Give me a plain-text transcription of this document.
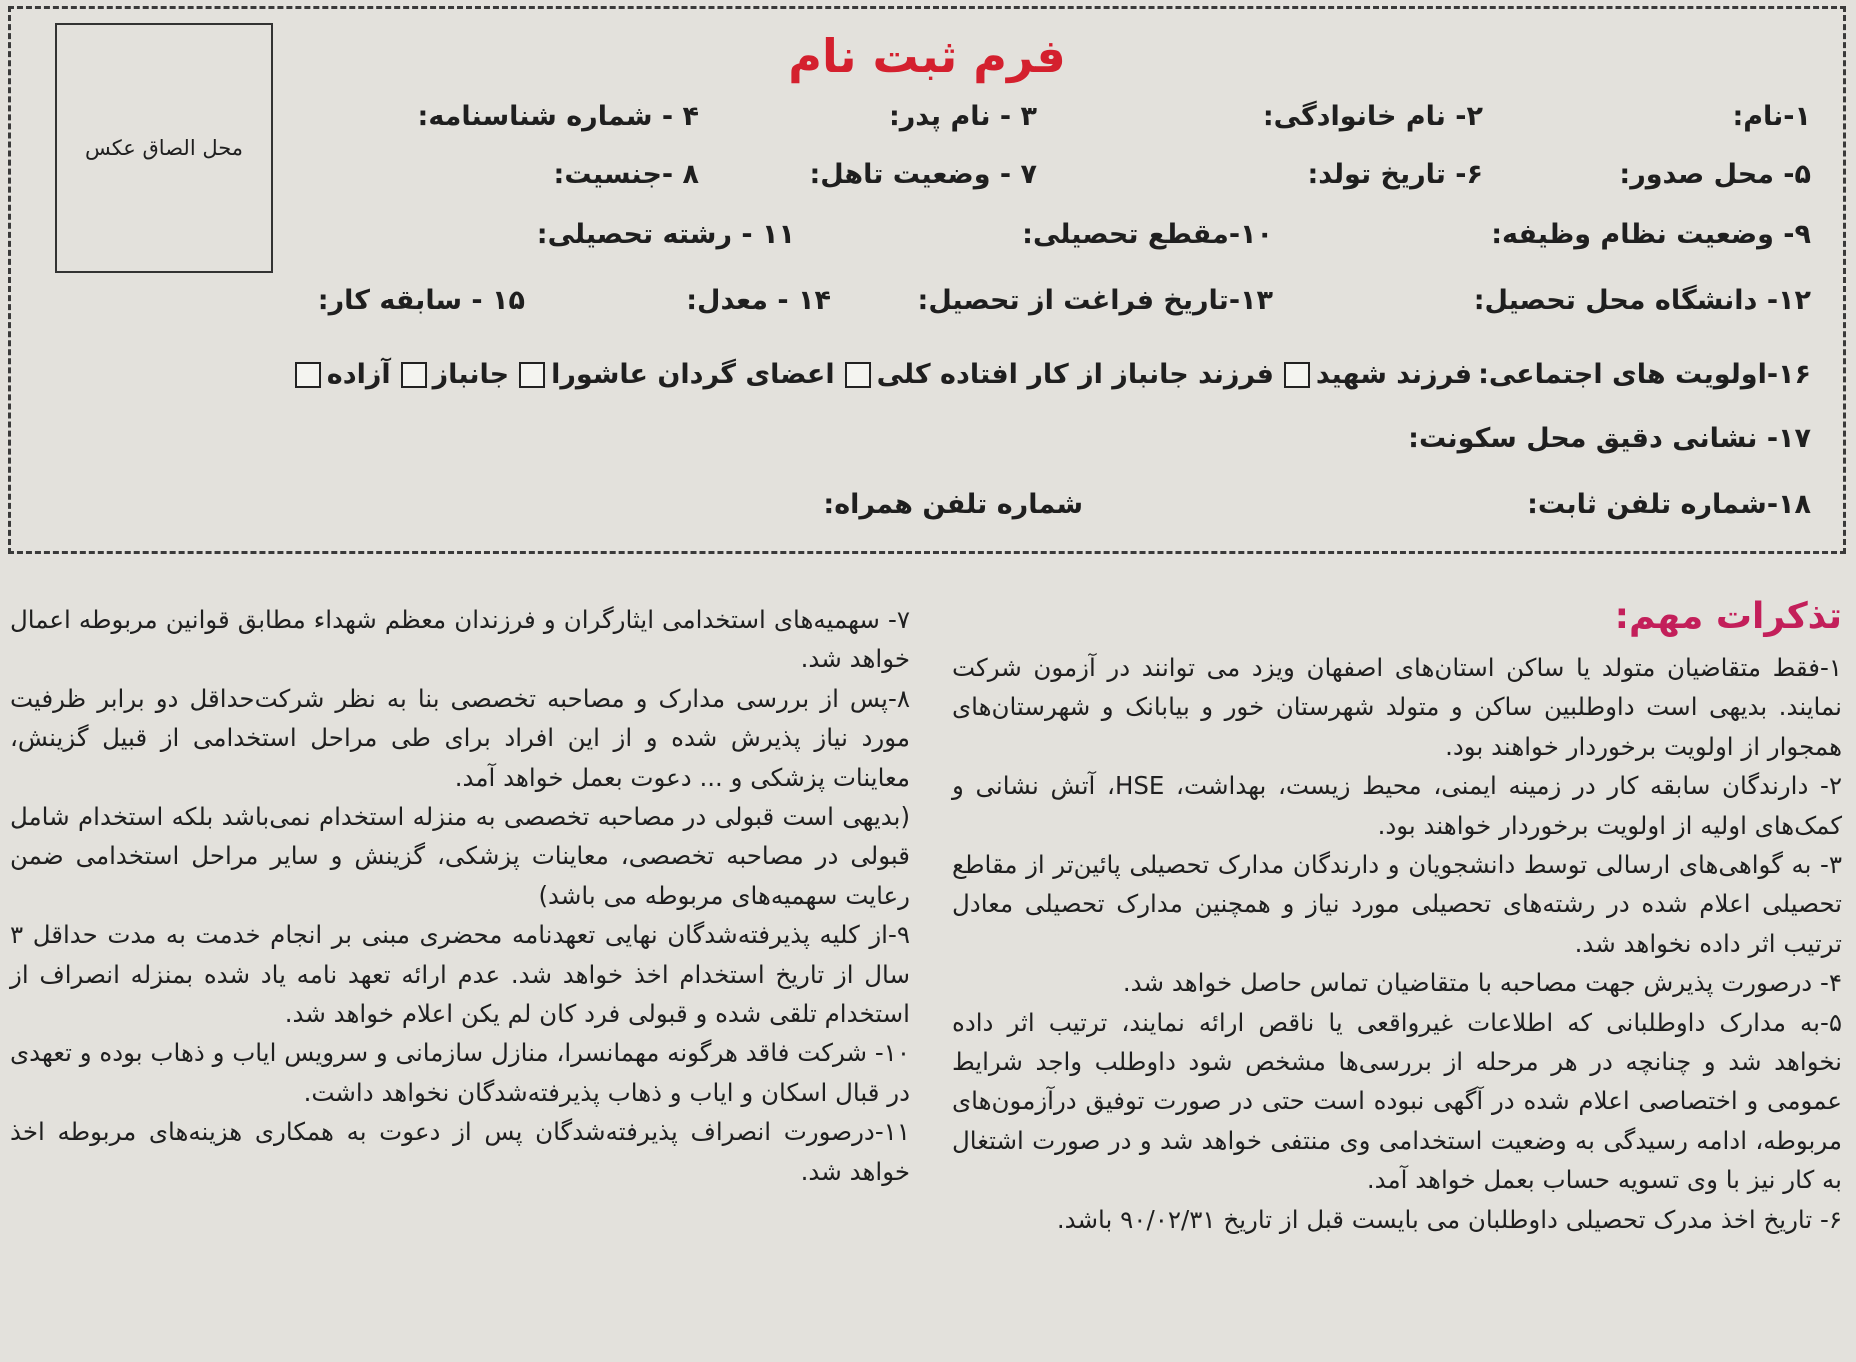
محل الصاق عکس
فرم ثبت نام
۱-نام:
۲- نام خانوادگی:
۳ - نام پدر:
۴ - شماره شناسنامه:
۵- محل صدور:
۶- تاریخ تولد:
۷ - وضعیت تاهل:
۸ -جنسیت:
۹- وضعیت نظام وظیفه:
۱۰-مقطع تحصیلی:
۱۱ - رشته تحصیلی:
۱۲- دانشگاه محل تحصیل:
۱۳-تاریخ فراغت از تحصیل:
۱۴ - معدل:
۱۵ - سابقه کار:
۱۶-اولویت های اجتماعی:
فرزند شهید
فرزند جانباز از کار افتاده کلی
اعضای گردان عاشورا
جانباز
آزاده
۱۷- نشانی دقیق محل سکونت:
۱۸-شماره تلفن ثابت:
شماره تلفن همراه:
تذکرات مهم:

۱-فقط متقاضیان متولد یا ساکن استان‌های اصفهان ویزد می توانند در آزمون شرکت نمایند. بدیهی است داوطلبین ساکن و متولد شهرستان خور و بیابانک و شهرستان‌های همجوار از اولویت برخوردار خواهند بود.

۲- دارندگان سابقه کار در زمینه ایمنی، محیط زیست، بهداشت، HSE، آتش نشانی و کمک‌های اولیه از اولویت برخوردار خواهند بود.

۳- به گواهی‌های ارسالی توسط دانشجویان و دارندگان مدارک تحصیلی پائین‌تر از مقاطع تحصیلی اعلام شده در رشته‌های تحصیلی مورد نیاز و همچنین مدارک تحصیلی معادل ترتیب اثر داده نخواهد شد.

۴- درصورت پذیرش جهت مصاحبه با متقاضیان تماس حاصل خواهد شد.

۵-به مدارک داوطلبانی که اطلاعات غیرواقعی یا ناقص ارائه نمایند، ترتیب اثر داده نخواهد شد و چنانچه در هر مرحله از بررسی‌ها مشخص شود داوطلب واجد شرایط عمومی و اختصاصی اعلام شده در آگهی نبوده است حتی در صورت توفیق درآزمون‌های مربوطه، ادامه رسیدگی به وضعیت استخدامی وی منتفی خواهد شد و در صورت اشتغال به کار نیز با وی تسویه حساب بعمل خواهد آمد.

۶- تاریخ اخذ مدرک تحصیلی داوطلبان می بایست قبل از تاریخ ۹۰/۰۲/۳۱ باشد.

۷- سهمیه‌های استخدامی ایثارگران و فرزندان معظم شهداء مطابق قوانین مربوطه اعمال خواهد شد.

۸-پس از بررسی مدارک و مصاحبه تخصصی بنا به نظر شرکت‌حداقل دو برابر ظرفیت مورد نیاز پذیرش شده و از این افراد برای طی مراحل استخدامی از قبیل گزینش، معاینات پزشکی و ... دعوت بعمل خواهد آمد.

(بدیهی است قبولی در مصاحبه تخصصی به منزله استخدام نمی‌باشد بلکه استخدام شامل قبولی در مصاحبه تخصصی، معاینات پزشکی، گزینش و سایر مراحل استخدامی ضمن رعایت سهمیه‌های مربوطه می باشد)

۹-از کلیه پذیرفته‌شدگان نهایی تعهدنامه محضری مبنی بر انجام خدمت به مدت حداقل ۳ سال از تاریخ استخدام اخذ خواهد شد. عدم ارائه تعهد نامه یاد شده بمنزله انصراف از استخدام تلقی شده و قبولی فرد کان لم یکن اعلام خواهد شد.

۱۰- شرکت فاقد هرگونه مهمانسرا، منازل سازمانی و سرویس ایاب و ذهاب بوده و تعهدی در قبال اسکان و ایاب و ذهاب پذیرفته‌شدگان نخواهد داشت.

۱۱-درصورت انصراف پذیرفته‌شدگان پس از دعوت به همکاری هزینه‌های مربوطه اخذ خواهد شد.
